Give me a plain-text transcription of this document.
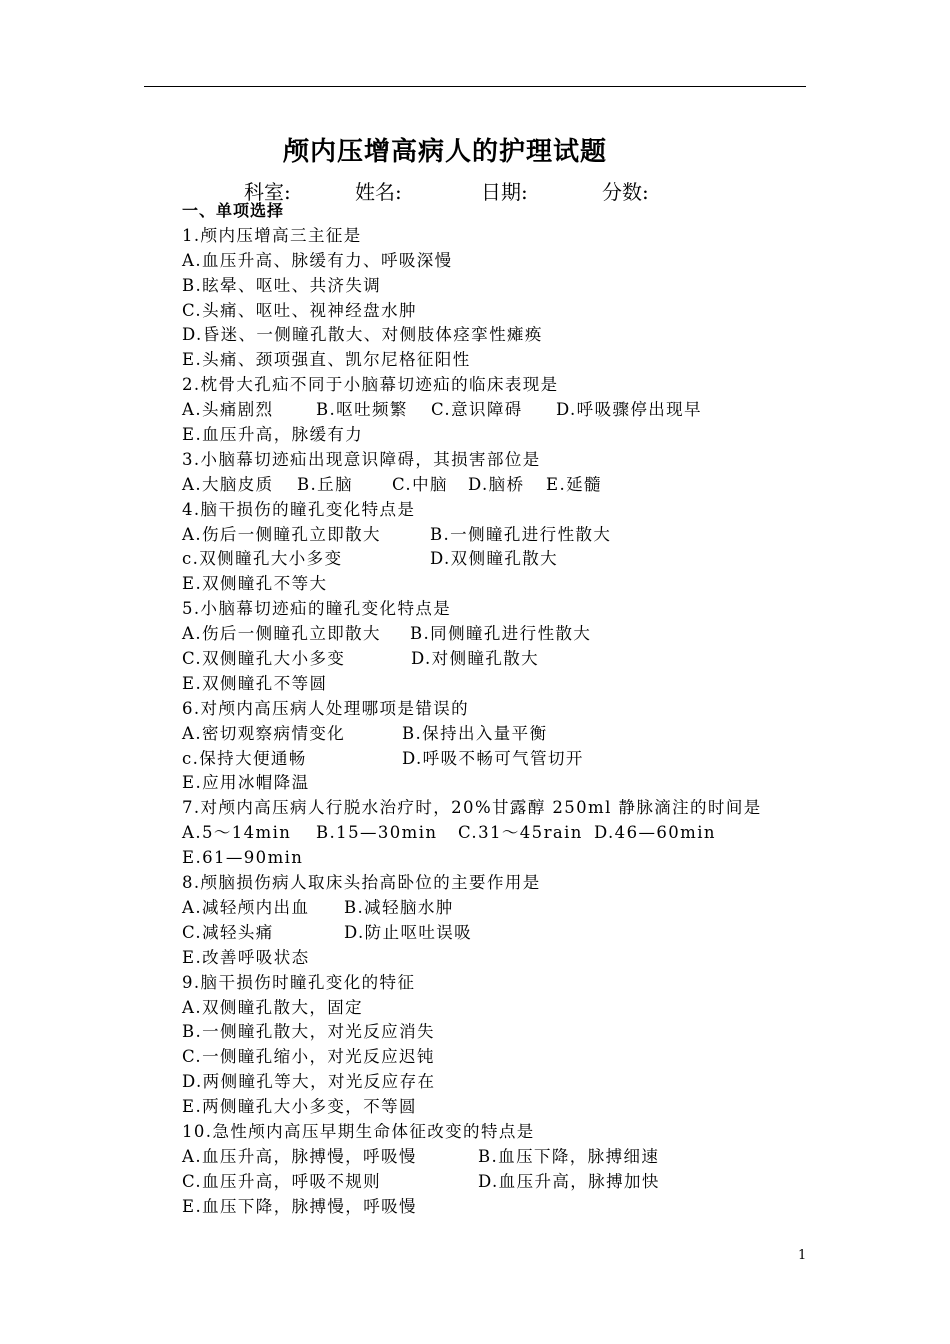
颅内压增高病人的护理试题
科室:	姓名:	日期:	分数:
一、单项选择
1.颅内压增高三主征是
A.血压升高、脉缓有力、呼吸深慢
B.眩晕、呕吐、共济失调
C.头痛、呕吐、视神经盘水肿
D.昏迷、一侧瞳孔散大、对侧肢体痉挛性瘫痪
E.头痛、颈项强直、凯尔尼格征阳性
2.枕骨大孔疝不同于小脑幕切迹疝的临床表现是
A.头痛剧烈	B.呕吐频繁 C.意识障碍 D.呼吸骤停出现早
E.血压升高，脉缓有力
3.小脑幕切迹疝出现意识障碍，其损害部位是
A.大脑皮质 B.丘脑 C.中脑 D.脑桥 E.延髓
4.脑干损伤的瞳孔变化特点是
A.伤后一侧瞳孔立即散大	B.一侧瞳孔进行性散大
c.双侧瞳孔大小多变	D.双侧瞳孔散大
E.双侧瞳孔不等大
5.小脑幕切迹疝的瞳孔变化特点是
A.伤后一侧瞳孔立即散大 B.同侧瞳孔进行性散大
C.双侧瞳孔大小多变	D.对侧瞳孔散大
E.双侧瞳孔不等圆
6.对颅内高压病人处理哪项是错误的
A.密切观察病情变化	B.保持出入量平衡
c.保持大便通畅	D.呼吸不畅可气管切开
E.应用冰帽降温
7.对颅内高压病人行脱水治疗时，20%甘露醇 250ml 静脉滴注的时间是
A.5～14min B.15—30min C.31～45rain D.46—60min
E.61—90min
8.颅脑损伤病人取床头抬高卧位的主要作用是
A.减轻颅内出血 B.减轻脑水肿
C.减轻头痛	D.防止呕吐误吸
E.改善呼吸状态
9.脑干损伤时瞳孔变化的特征
A.双侧瞳孔散大，固定
B.一侧瞳孔散大，对光反应消失
C.一侧瞳孔缩小，对光反应迟钝
D.两侧瞳孔等大，对光反应存在
E.两侧瞳孔大小多变，不等圆
10.急性颅内高压早期生命体征改变的特点是
A.血压升高，脉搏慢，呼吸慢	B.血压下降，脉搏细速
C.血压升高，呼吸不规则	D.血压升高，脉搏加快
E.血压下降，脉搏慢，呼吸慢
1
